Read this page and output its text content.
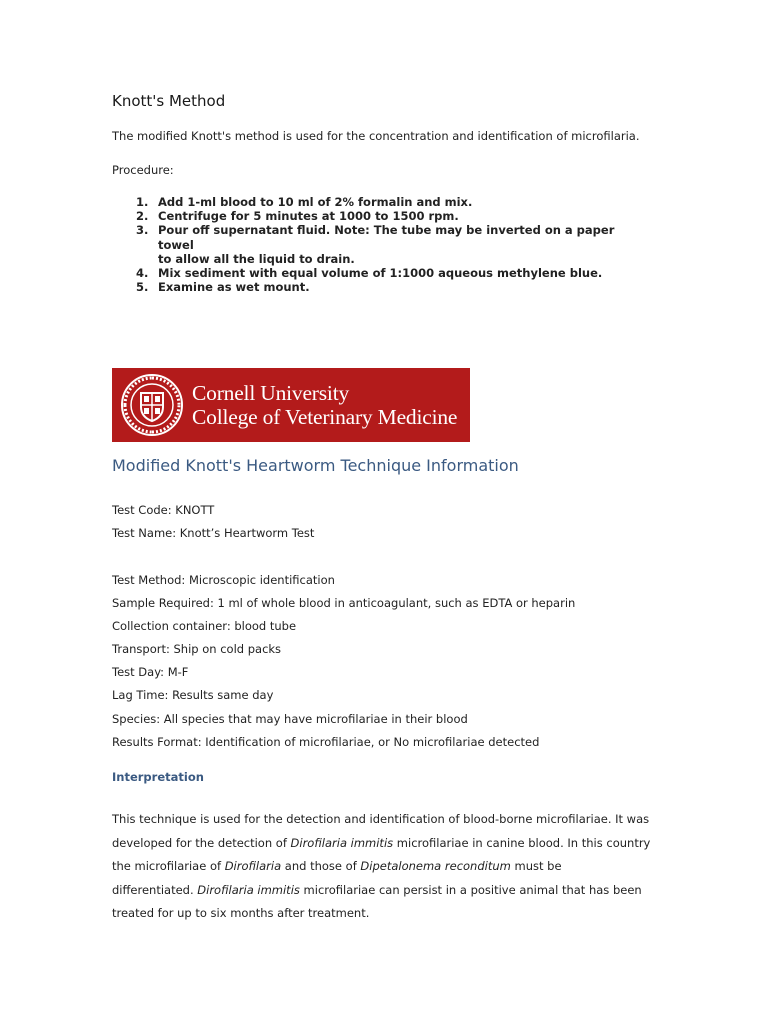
Knott's Method
The modified Knott's method is used for the concentration and identification of microfilaria.
Procedure:
1. Add 1-ml blood to 10 ml of 2% formalin and mix.
2. Centrifuge for 5 minutes at 1000 to 1500 rpm.
3. Pour off supernatant fluid. Note: The tube may be inverted on a paper towel
to allow all the liquid to drain.
4. Mix sediment with equal volume of 1:1000 aqueous methylene blue.
5. Examine as wet mount.
Cornell University
College of Veterinary Medicine
Modified Knott's Heartworm Technique Information
Test Code: KNOTT
Test Name: Knott’s Heartworm Test
Test Method: Microscopic identification
Sample Required: 1 ml of whole blood in anticoagulant, such as EDTA or heparin
Collection container: blood tube
Transport: Ship on cold packs
Test Day: M-F
Lag Time: Results same day
Species: All species that may have microfilariae in their blood
Results Format: Identification of microfilariae, or No microfilariae detected
Interpretation
This technique is used for the detection and identification of blood-borne microfilariae. It was
developed for the detection of Dirofilaria immitis microfilariae in canine blood. In this country
the microfilariae of Dirofilaria and those of Dipetalonema reconditum must be
differentiated. Dirofilaria immitis microfilariae can persist in a positive animal that has been
treated for up to six months after treatment.
